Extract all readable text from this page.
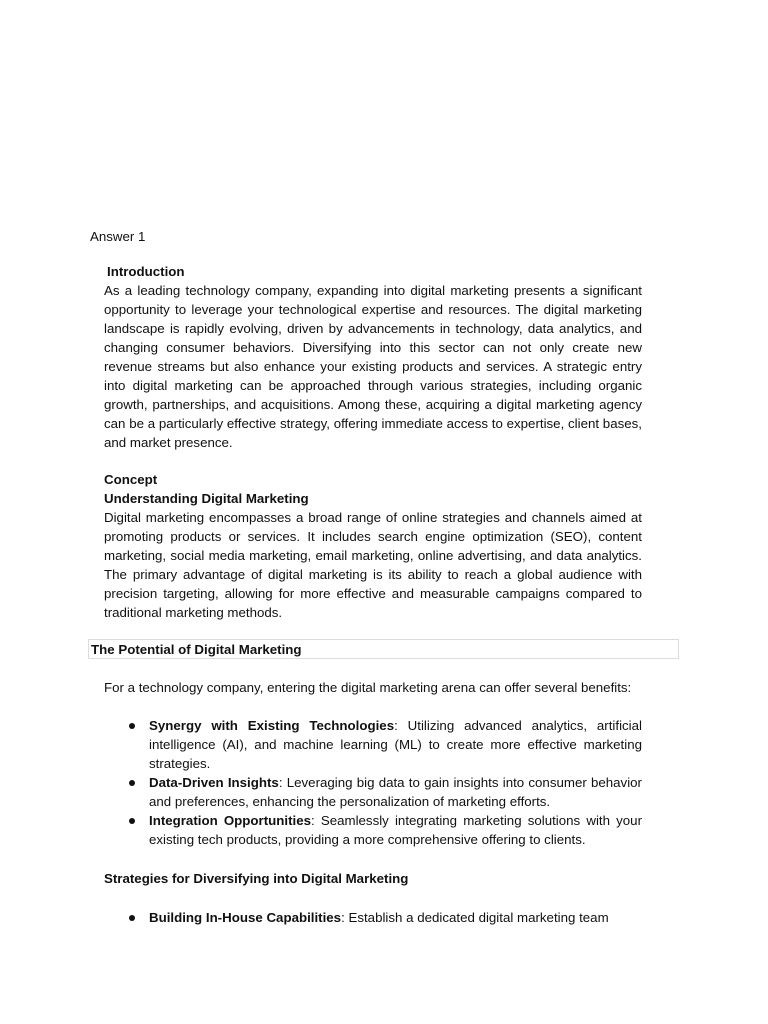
Answer 1
Introduction

As a leading technology company, expanding into digital marketing presents a significant opportunity to leverage your technological expertise and resources. The digital marketing landscape is rapidly evolving, driven by advancements in technology, data analytics, and changing consumer behaviors. Diversifying into this sector can not only create new revenue streams but also enhance your existing products and services. A strategic entry into digital marketing can be approached through various strategies, including organic growth, partnerships, and acquisitions. Among these, acquiring a digital marketing agency can be a particularly effective strategy, offering immediate access to expertise, client bases, and market presence.

Concept
Understanding Digital Marketing

Digital marketing encompasses a broad range of online strategies and channels aimed at promoting products or services. It includes search engine optimization (SEO), content marketing, social media marketing, email marketing, online advertising, and data analytics. The primary advantage of digital marketing is its ability to reach a global audience with precision targeting, allowing for more effective and measurable campaigns compared to traditional marketing methods.

The Potential of Digital Marketing

For a technology company, entering the digital marketing arena can offer several benefits:

Synergy with Existing Technologies: Utilizing advanced analytics, artificial intelligence (AI), and machine learning (ML) to create more effective marketing strategies.
Data-Driven Insights: Leveraging big data to gain insights into consumer behavior and preferences, enhancing the personalization of marketing efforts.
Integration Opportunities: Seamlessly integrating marketing solutions with your existing tech products, providing a more comprehensive offering to clients.
Strategies for Diversifying into Digital Marketing
Building In-House Capabilities: Establish a dedicated digital marketing team
